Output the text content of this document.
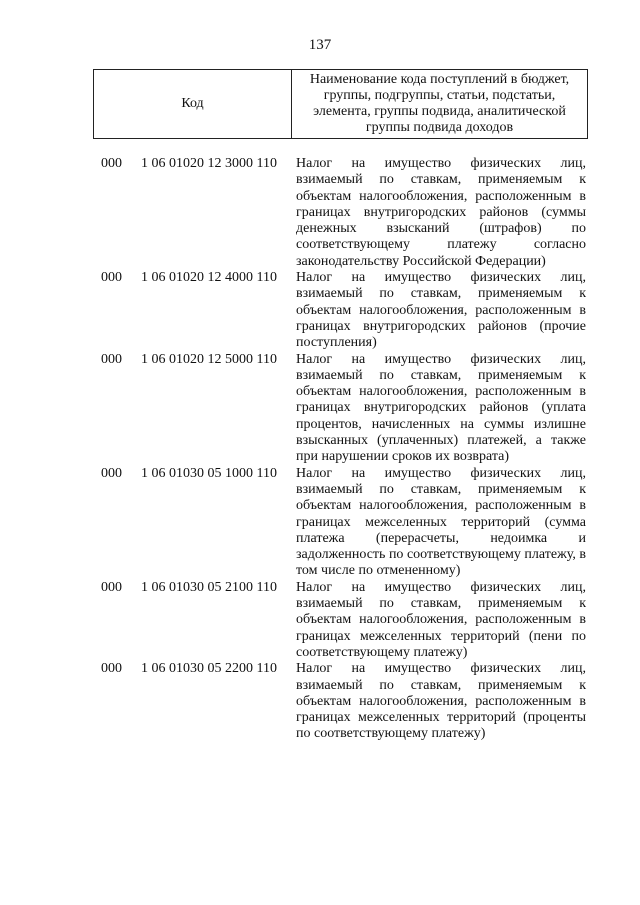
137
Код
Наименование кода поступлений в бюджет, группы, подгруппы, статьи, подстатьи, элемента, группы подвида, аналитической группы подвида доходов
000 1 06 01020 12 3000 110 Налог на имущество физических лиц, взимаемый по ставкам, применяемым к объектам налогообложения, расположенным в границах внутригородских районов (суммы денежных взысканий (штрафов) по соответствующему платежу согласно законодательству Российской Федерации)
000 1 06 01020 12 4000 110 Налог на имущество физических лиц, взимаемый по ставкам, применяемым к объектам налогообложения, расположенным в границах внутригородских районов (прочие поступления)
000 1 06 01020 12 5000 110 Налог на имущество физических лиц, взимаемый по ставкам, применяемым к объектам налогообложения, расположенным в границах внутригородских районов (уплата процентов, начисленных на суммы излишне взысканных (уплаченных) платежей, а также при нарушении сроков их возврата)
000 1 06 01030 05 1000 110 Налог на имущество физических лиц, взимаемый по ставкам, применяемым к объектам налогообложения, расположенным в границах межселенных территорий (сумма платежа (перерасчеты, недоимка и задолженность по соответствующему платежу, в том числе по отмененному)
000 1 06 01030 05 2100 110 Налог на имущество физических лиц, взимаемый по ставкам, применяемым к объектам налогообложения, расположенным в границах межселенных территорий (пени по соответствующему платежу)
000 1 06 01030 05 2200 110 Налог на имущество физических лиц, взимаемый по ставкам, применяемым к объектам налогообложения, расположенным в границах межселенных территорий (проценты по соответствующему платежу)
